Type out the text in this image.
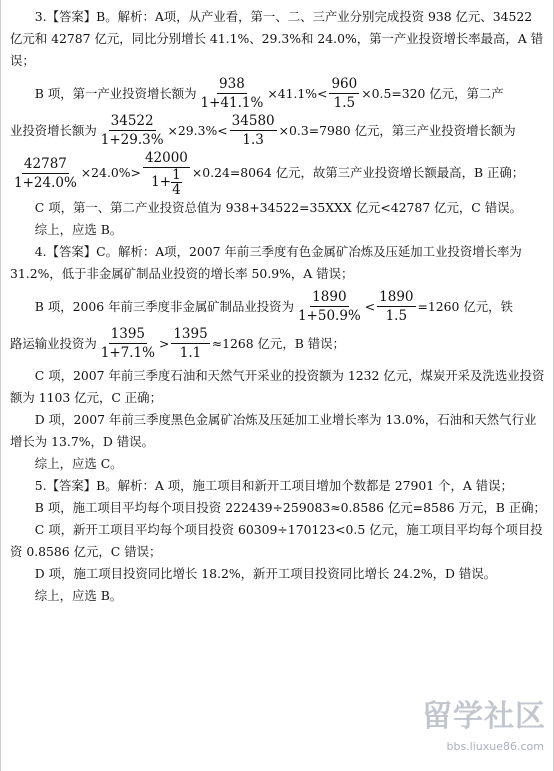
3.【答案】B。解析：A项，从产业看，第一、二、三产业分别完成投资 938 亿元、34522 亿元和 42787 亿元，同比分别增长 41.1%、29.3%和 24.0%，第一产业投资增长率最高，A 错误；

B 项，第一产业投资增长额为 $\frac{938}{1+41.1\%} \times 41.1\%< \frac{960}{1.5} \times 0.5=320$ 亿元，第二产
业投资增长额为 $\frac{34522}{1+29.3\%} \times 29.3\%< \frac{34580}{1.3} \times 0.3=7980$ 亿元，第三产业投资增长额为
$\frac{42787}{1+24.0\%} \times 24.0\%> \frac{42000}{1+ \frac{1}{4}} \times 0.24=8064$ 亿元，故第三产业投资增长额最高，B 正确；

C 项，第一、第二产业投资总值为 938+34522=35XXX 亿元<42787 亿元，C 错误。

综上，应选 B。

4.【答案】C。解析：A项，2007 年前三季度有色金属矿冶炼及压延加工业投资增长率为 31.2%，低于非金属矿制品业投资的增长率 50.9%，A 错误；

B 项，2006 年前三季度非金属矿制品业投资为 $\frac{1890}{1+50.9\%} < \frac{1890}{1.5} =1260$ 亿元，铁
路运输业投资为 $\frac{1395}{1+7.1\%} > \frac{1395}{1.1} \approx 1268$ 亿元，B 错误；

C 项，2007 年前三季度石油和天然气开采业的投资额为 1232 亿元，煤炭开采及洗选业投资额为 1103 亿元，C 正确；

D 项，2007 年前三季度黑色金属矿冶炼及压延加工业增长率为 13.0%，石油和天然气行业增长为 13.7%，D 错误。

综上，应选 C。

5.【答案】B。解析：A 项，施工项目和新开工项目增加个数都是 27901 个，A 错误；

B 项，施工项目平均每个项目投资 222439÷259083≈0.8586 亿元=8586 万元，B 正确；

C 项，新开工项目平均每个项目投资 60309÷170123<0.5 亿元，施工项目平均每个项目投资 0.8586 亿元，C 错误；

D 项，施工项目投资同比增长 18.2%，新开工项目投资同比增长 24.2%，D 错误。

综上，应选 B。

留学社区
bbs.liuxue86.com
